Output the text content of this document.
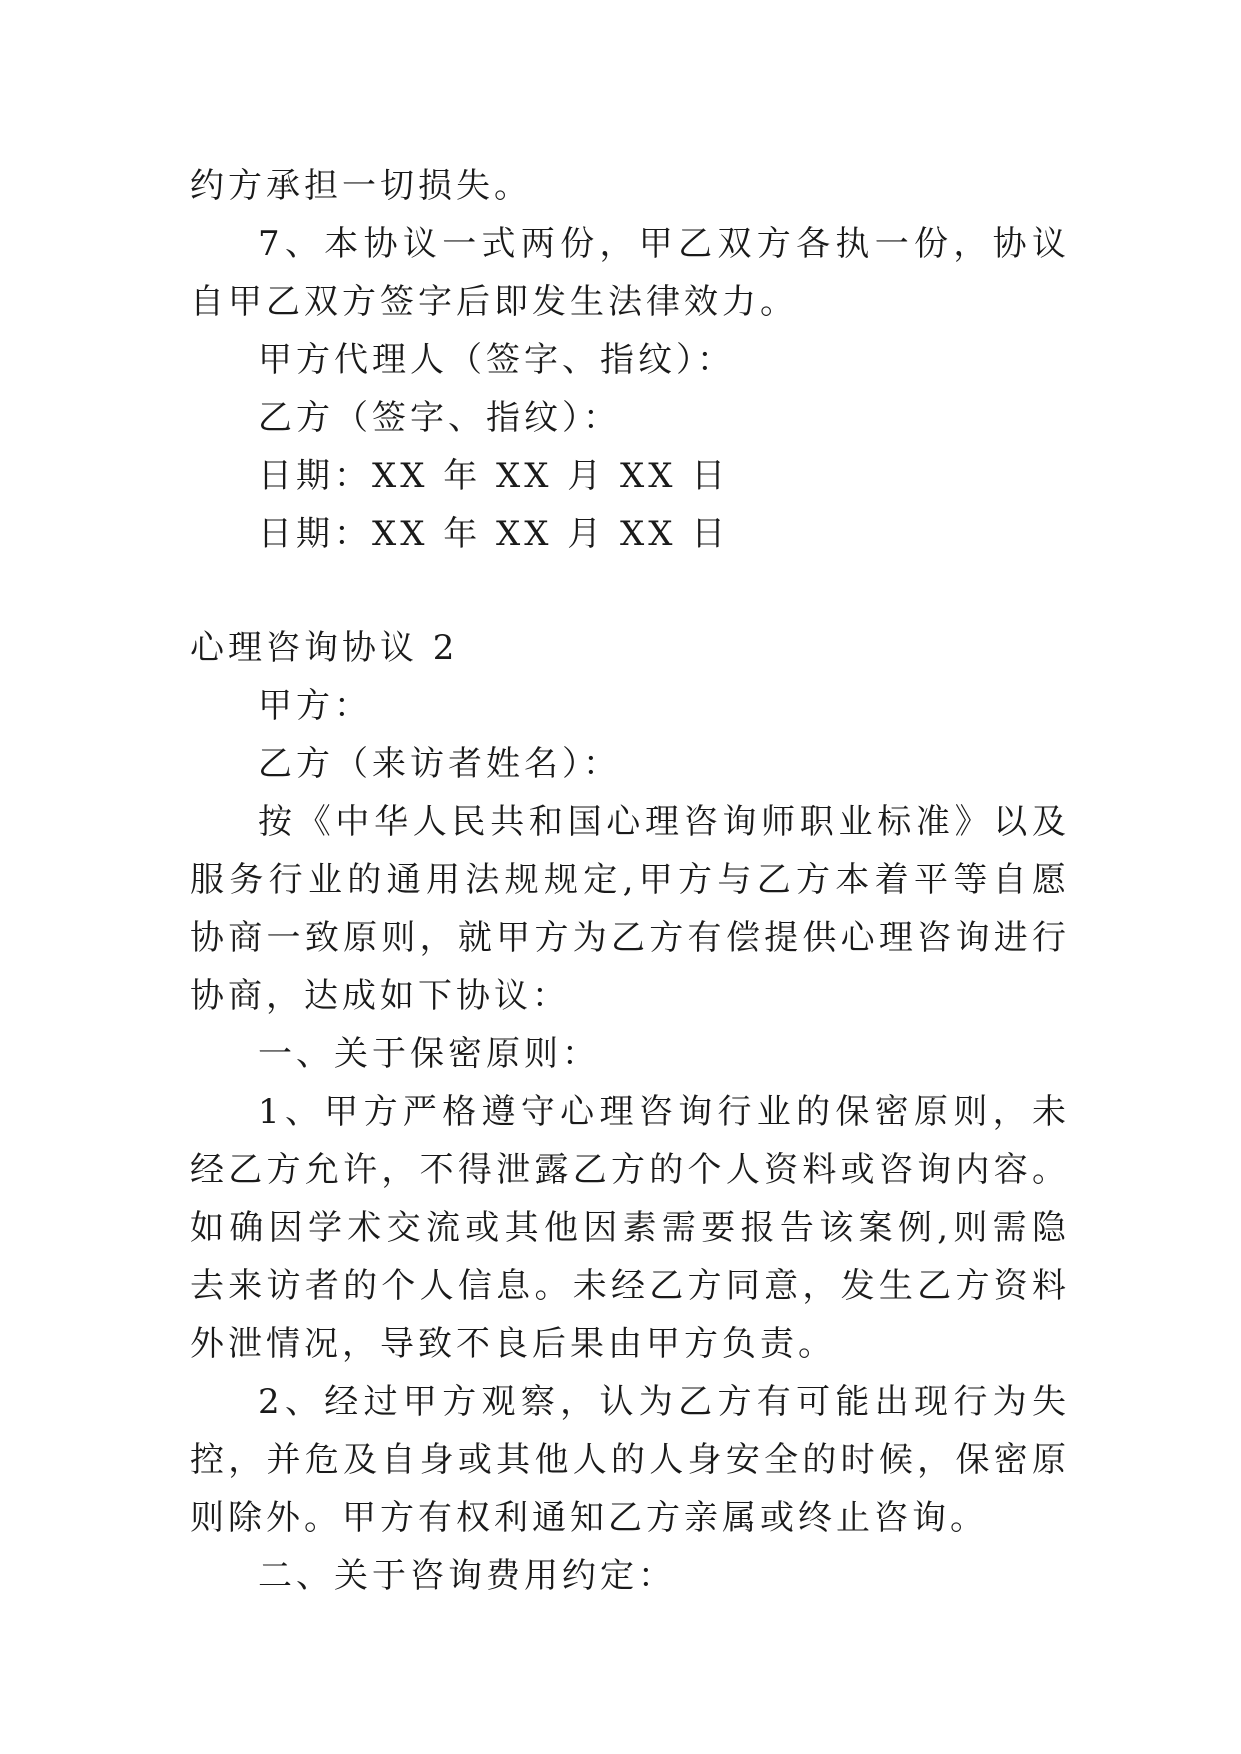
约方承担一切损失。

7、本协议一式两份，甲乙双方各执一份，协议自甲乙双方签字后即发生法律效力。

甲方代理人（签字、指纹）：

乙方（签字、指纹）：

日期：XX 年 XX 月 XX 日

日期：XX 年 XX 月 XX 日

心理咨询协议 2

甲方：

乙方（来访者姓名）：

按《中华人民共和国心理咨询师职业标准》以及服务行业的通用法规规定,甲方与乙方本着平等自愿协商一致原则，就甲方为乙方有偿提供心理咨询进行协商，达成如下协议：

一、关于保密原则：

1、甲方严格遵守心理咨询行业的保密原则，未经乙方允许，不得泄露乙方的个人资料或咨询内容。如确因学术交流或其他因素需要报告该案例,则需隐去来访者的个人信息。未经乙方同意，发生乙方资料外泄情况，导致不良后果由甲方负责。

2、经过甲方观察，认为乙方有可能出现行为失控，并危及自身或其他人的人身安全的时候，保密原则除外。甲方有权利通知乙方亲属或终止咨询。

二、关于咨询费用约定：
